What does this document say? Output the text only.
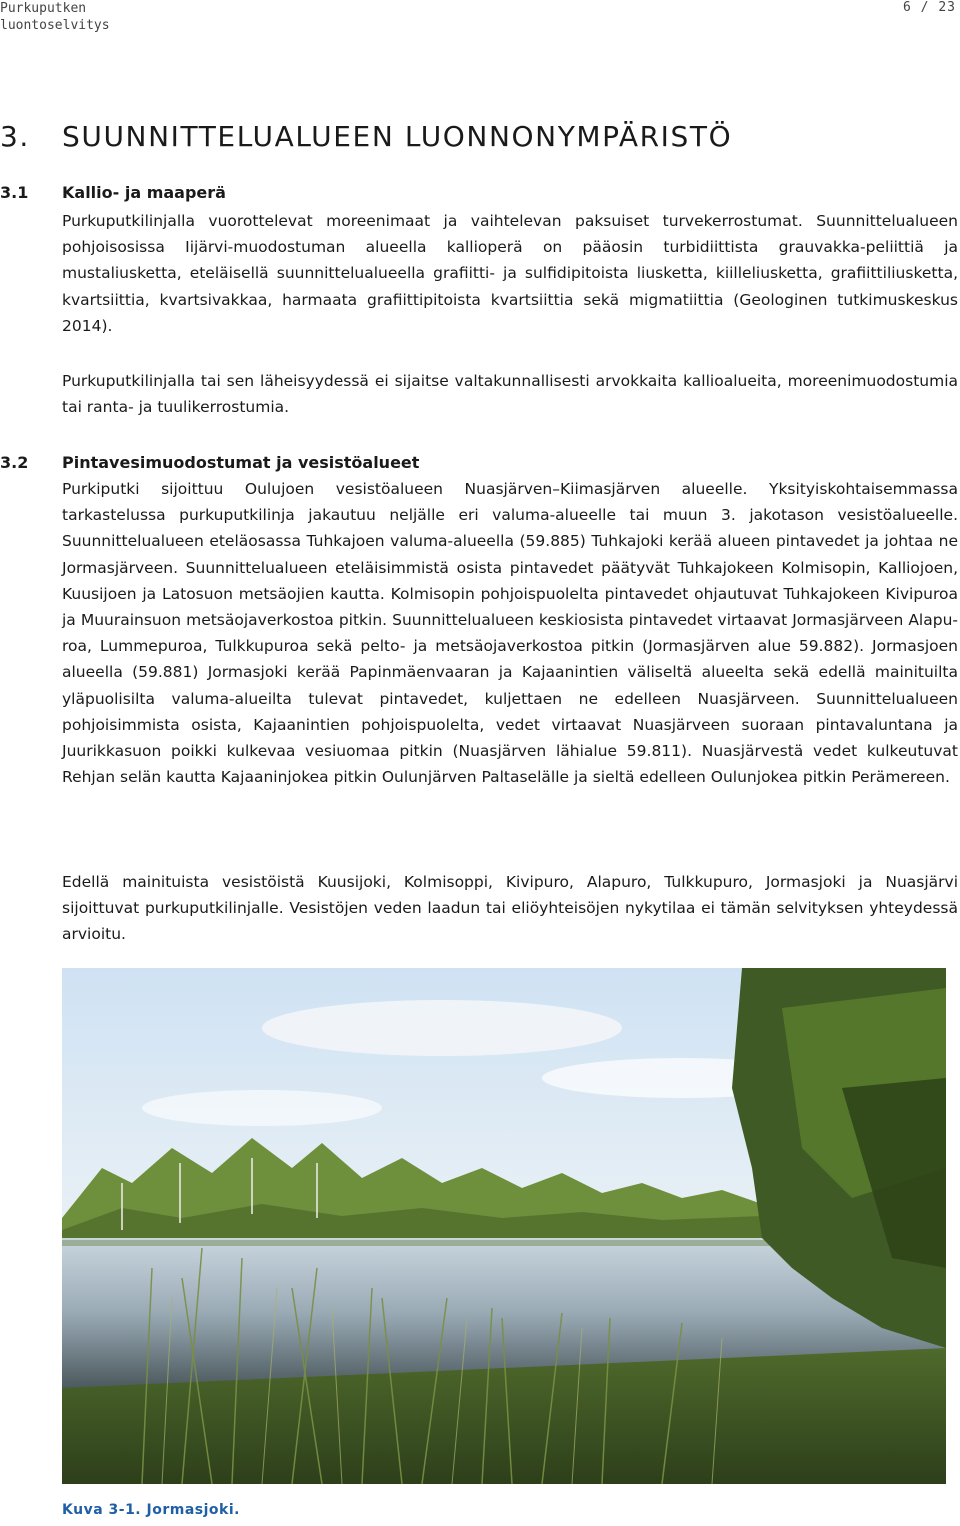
Purkuputken
luontoselvitys
6 / 23
3. SUUNNITTELUALUEEN LUONNONYMPÄRISTÖ
3.1 Kallio- ja maaperä

Purkuputkilinjalla vuorottelevat moreenimaat ja vaihtelevan paksuiset turvekerrostumat. Suunnittelualueen pohjoisosissa Iijärvi-muodostuman alueella kallioperä on pääosin turbidiittista grauvakka-peliittiä ja mustaliusketta, eteläisellä suunnittelualueella grafiitti- ja sulfidipitoista liusketta, kiilleliusketta, grafiittiliusketta, kvartsiittia, kvartsivakkaa, harmaata grafiittipitoista kvartsiittia sekä migmatiittia (Geologinen tutkimuskeskus 2014).

Purkuputkilinjalla tai sen läheisyydessä ei sijaitse valtakunnallisesti arvokkaita kallioalueita, moreenimuodostumia tai ranta- ja tuulikerrostumia.

3.2 Pintavesimuodostumat ja vesistöalueet

Purkiputki sijoittuu Oulujoen vesistöalueen Nuasjärven–Kiimasjärven alueelle. Yksityiskohtaisemmassa tarkastelussa purkuputkilinja jakautuu neljälle eri valuma-alueelle tai muun 3. jakotason vesistöalueelle. Suunnittelualueen eteläosassa Tuhkajoen valuma-alueella (59.885) Tuhkajoki kerää alueen pintavedet ja johtaa ne Jormasjärveen. Suunnittelualueen eteläisimmistä osista pintavedet päätyvät Tuhkajokeen Kolmisopin, Kalliojoen, Kuusijoen ja Latosuon metsäojien kautta. Kolmisopin pohjoispuolelta pintavedet ohjautuvat Tuhkajokeen Kivipuroa ja Muurainsuon metsäojaverkostoa pitkin. Suunnittelualueen keskiosista pintavedet virtaavat Jormasjärveen Alapuroa, Lummepuroa, Tulkkupuroa sekä pelto- ja metsäojaverkostoa pitkin (Jormasjärven alue 59.882). Jormasjoen alueella (59.881) Jormasjoki kerää Papinmäenvaaran ja Kajaanintien väliseltä alueelta sekä edellä mainituilta yläpuolisilta valuma-alueilta tulevat pintavedet, kuljettaen ne edelleen Nuasjärveen. Suunnittelualueen pohjoisimmista osista, Kajaanintien pohjoispuolelta, vedet virtaavat Nuasjärveen suoraan pintavaluntana ja Juurikkasuon poikki kulkevaa vesiuomaa pitkin (Nuasjärven lähialue 59.811). Nuasjärvestä vedet kulkeutuvat Rehjan selän kautta Kajaaninjokea pitkin Oulunjärven Paltaselälle ja sieltä edelleen Oulunjokea pitkin Perämereen.

Edellä mainituista vesistöistä Kuusijoki, Kolmisoppi, Kivipuro, Alapuro, Tulkkupuro, Jormasjoki ja Nuasjärvi sijoittuvat purkuputkilinjalle. Vesistöjen veden laadun tai eliöyhteisöjen nykytilaa ei tämän selvityksen yhteydessä arvioitu.

Kuva 3-1. Jormasjoki.
